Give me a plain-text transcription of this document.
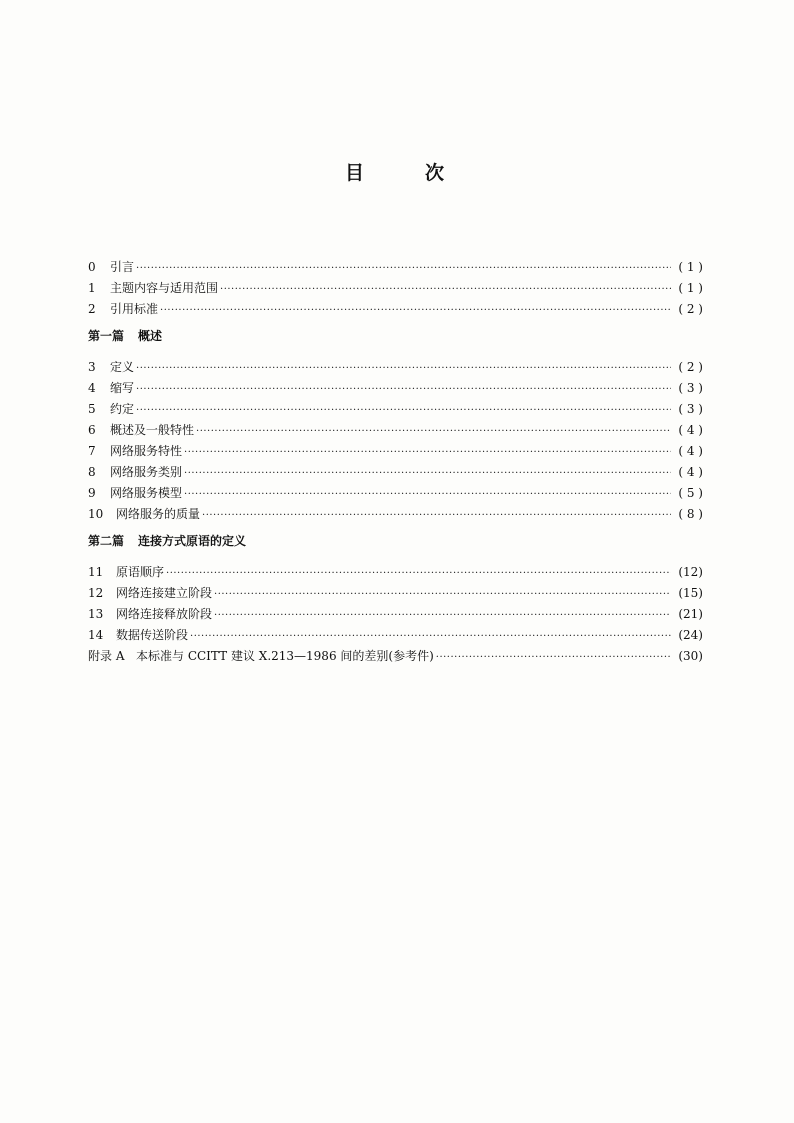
目	次
0	引言 ·····	( 1 )
1	主题内容与适用范围 ·····	( 1 )
2	引用标准 ·····	( 2 )
第一篇 概述
3	定义 ·····	( 2 )
4	缩写 ·····	( 3 )
5	约定 ·····	( 3 )
6	概述及一般特性 ·····	( 4 )
7	网络服务特性 ·····	( 4 )
8	网络服务类别 ·····	( 4 )
9	网络服务模型 ·····	( 5 )
10	网络服务的质量 ·····	( 8 )
第二篇 连接方式原语的定义
11	原语顺序 ·····	(12)
12	网络连接建立阶段 ·····	(15)
13	网络连接释放阶段 ·····	(21)
14	数据传送阶段 ·····	(24)
附录 A 本标准与 CCITT 建议 X.213—1986 间的差别(参考件) ·····	(30)
